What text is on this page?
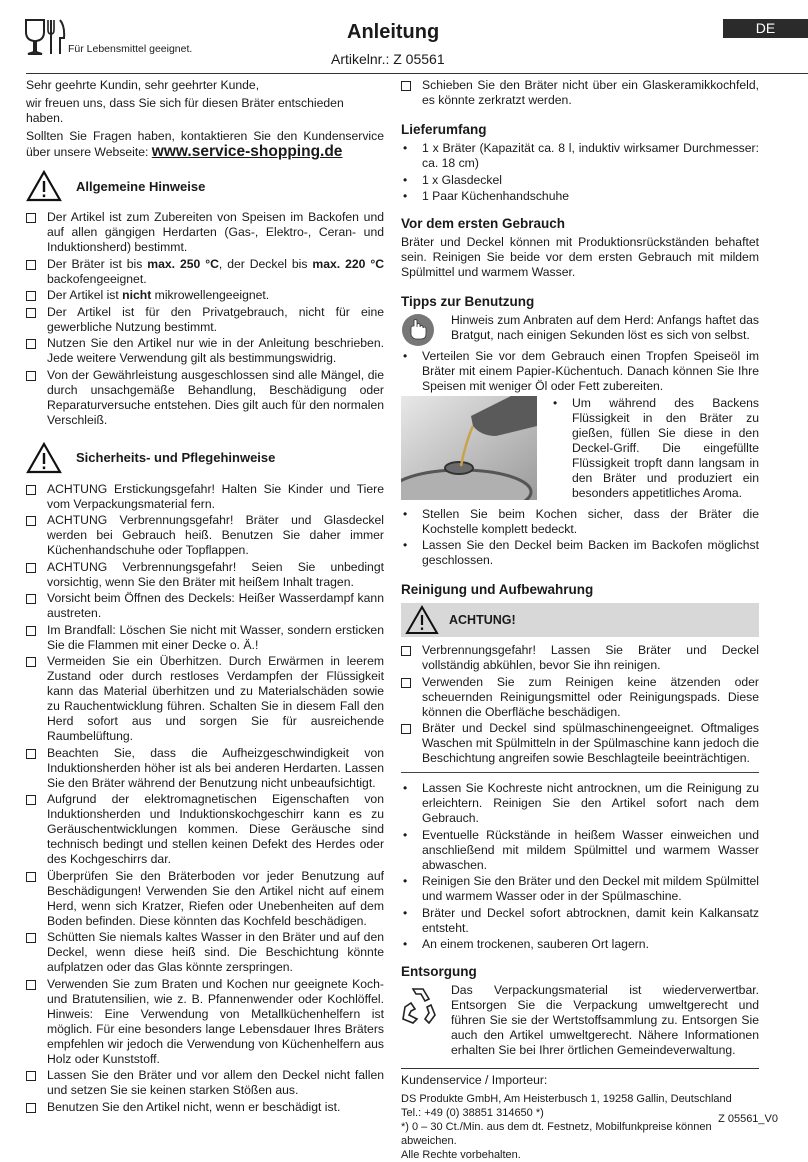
Für Lebensmittel geeignet.
Anleitung
Artikelnr.: Z 05561
DE

Sehr geehrte Kundin, sehr geehrter Kunde,

wir freuen uns, dass Sie sich für diesen Bräter entschieden haben.

Sollten Sie Fragen haben, kontaktieren Sie den Kundenservice über unsere Webseite: www.service-shopping.de

Allgemeine Hinweise
Der Artikel ist zum Zubereiten von Speisen im Backofen und auf allen gängigen Herdarten (Gas-, Elektro-, Ceran- und Induktionsherd) bestimmt.
Der Bräter ist bis max. 250 °C, der Deckel bis max. 220 °C backofengeeignet.
Der Artikel ist nicht mikrowellengeeignet.
Der Artikel ist für den Privatgebrauch, nicht für eine gewerbliche Nutzung bestimmt.
Nutzen Sie den Artikel nur wie in der Anleitung beschrieben. Jede weitere Verwendung gilt als bestimmungswidrig.
Von der Gewährleistung ausgeschlossen sind alle Mängel, die durch unsachgemäße Behandlung, Beschädigung oder Reparaturversuche entstehen. Dies gilt auch für den normalen Verschleiß.
Sicherheits- und Pflegehinweise
ACHTUNG Erstickungsgefahr! Halten Sie Kinder und Tiere vom Verpackungsmaterial fern.
ACHTUNG Verbrennungsgefahr! Bräter und Glasdeckel werden bei Gebrauch heiß. Benutzen Sie daher immer Küchenhandschuhe oder Topflappen.
ACHTUNG Verbrennungsgefahr! Seien Sie unbedingt vorsichtig, wenn Sie den Bräter mit heißem Inhalt tragen.
Vorsicht beim Öffnen des Deckels: Heißer Wasserdampf kann austreten.
Im Brandfall: Löschen Sie nicht mit Wasser, sondern ersticken Sie die Flammen mit einer Decke o. Ä.!
Vermeiden Sie ein Überhitzen. Durch Erwärmen in leerem Zustand oder durch restloses Verdampfen der Flüssigkeit kann das Material überhitzen und zu Materialschäden sowie zu Rauchentwicklung führen. Schalten Sie in diesem Fall den Herd sofort aus und sorgen Sie für ausreichende Raumbelüftung.
Beachten Sie, dass die Aufheizgeschwindigkeit von Induktionsherden höher ist als bei anderen Herdarten. Lassen Sie den Bräter während der Benutzung nicht unbeaufsichtigt.
Aufgrund der elektromagnetischen Eigenschaften von Induktionsherden und Induktionskochgeschirr kann es zu Geräuschentwicklungen kommen. Diese Geräusche sind technisch bedingt und stellen keinen Defekt des Herdes oder des Kochgeschirrs dar.
Überprüfen Sie den Bräterboden vor jeder Benutzung auf Beschädigungen! Verwenden Sie den Artikel nicht auf einem Herd, wenn sich Kratzer, Riefen oder Unebenheiten auf dem Boden befinden. Diese könnten das Kochfeld beschädigen.
Schütten Sie niemals kaltes Wasser in den Bräter und auf den Deckel, wenn diese heiß sind. Die Beschichtung könnte aufplatzen oder das Glas könnte zerspringen.
Verwenden Sie zum Braten und Kochen nur geeignete Koch- und Bratutensilien, wie z. B. Pfannenwender oder Kochlöffel. Hinweis: Eine Verwendung von Metallküchenhelfern ist möglich. Für eine besonders lange Lebensdauer Ihres Bräters empfehlen wir jedoch die Verwendung von Küchenhelfern aus Holz oder Kunststoff.
Lassen Sie den Bräter und vor allem den Deckel nicht fallen und setzen Sie sie keinen starken Stößen aus.
Benutzen Sie den Artikel nicht, wenn er beschädigt ist.
Schieben Sie den Bräter nicht über ein Glaskeramikkochfeld, es könnte zerkratzt werden.
Lieferumfang
• 1 x Bräter (Kapazität ca. 8 l, induktiv wirksamer Durchmesser: ca. 18 cm)
• 1 x Glasdeckel
• 1 Paar Küchenhandschuhe
Vor dem ersten Gebrauch

Bräter und Deckel können mit Produktionsrückständen behaftet sein. Reinigen Sie beide vor dem ersten Gebrauch mit mildem Spülmittel und warmem Wasser.

Tipps zur Benutzung

Hinweis zum Anbraten auf dem Herd: Anfangs haftet das Bratgut, nach einigen Sekunden löst es sich von selbst.

• Verteilen Sie vor dem Gebrauch einen Tropfen Speiseöl im Bräter mit einem Papier-Küchentuch. Danach können Sie Ihre Speisen mit weniger Öl oder Fett zubereiten.
• Um während des Backens Flüssigkeit in den Bräter zu gießen, füllen Sie diese in den Deckel-Griff. Die eingefüllte Flüssigkeit tropft dann langsam in den Bräter und produziert ein besonders appetitliches Aroma.
• Stellen Sie beim Kochen sicher, dass der Bräter die Kochstelle komplett bedeckt.
• Lassen Sie den Deckel beim Backen im Backofen möglichst geschlossen.
Reinigung und Aufbewahrung
ACHTUNG!
Verbrennungsgefahr! Lassen Sie Bräter und Deckel vollständig abkühlen, bevor Sie ihn reinigen.
Verwenden Sie zum Reinigen keine ätzenden oder scheuernden Reinigungsmittel oder Reinigungspads. Diese können die Oberfläche beschädigen.
Bräter und Deckel sind spülmaschinengeeignet. Oftmaliges Waschen mit Spülmitteln in der Spülmaschine kann jedoch die Beschichtung angreifen sowie Beschlagteile beeinträchtigen.
• Lassen Sie Kochreste nicht antrocknen, um die Reinigung zu erleichtern. Reinigen Sie den Artikel sofort nach dem Gebrauch.
• Eventuelle Rückstände in heißem Wasser einweichen und anschließend mit mildem Spülmittel und warmem Wasser abwaschen.
• Reinigen Sie den Bräter und den Deckel mit mildem Spülmittel und warmem Wasser oder in der Spülmaschine.
• Bräter und Deckel sofort abtrocknen, damit kein Kalkansatz entsteht.
• An einem trockenen, sauberen Ort lagern.
Entsorgung

Das Verpackungsmaterial ist wiederverwertbar. Entsorgen Sie die Verpackung umweltgerecht und führen Sie sie der Wertstoffsammlung zu. Entsorgen Sie auch den Artikel umweltgerecht. Nähere Informationen erhalten Sie bei Ihrer örtlichen Gemeindeverwaltung.

Kundenservice / Importeur:

DS Produkte GmbH, Am Heisterbusch 1, 19258 Gallin, Deutschland
Tel.: +49 (0) 38851 314650 *)
*) 0 – 30 Ct./Min. aus dem dt. Festnetz, Mobilfunkpreise können abweichen.
Alle Rechte vorbehalten.
Z 05561_V0
